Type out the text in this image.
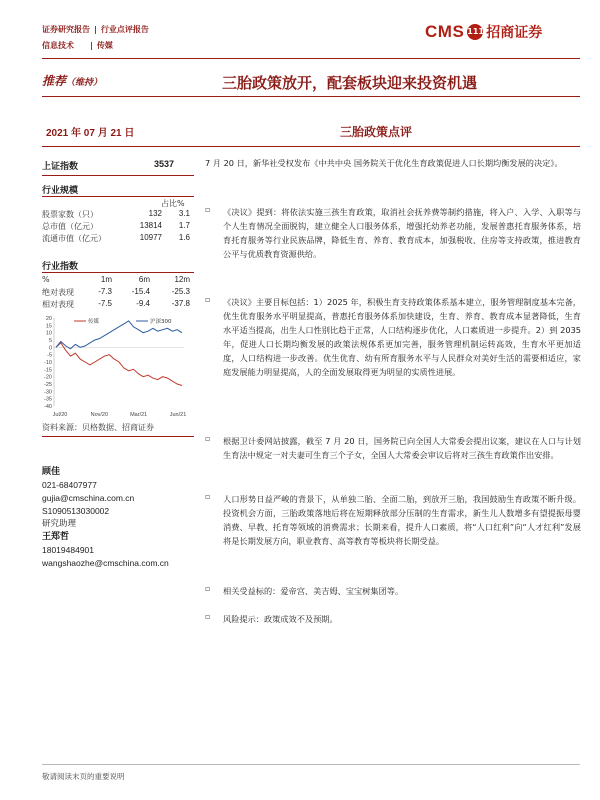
证券研究报告 | 行业点评报告
信息技术 | 传媒
CMS 111 招商证券
推荐（维持）	三胎政策放开，配套板块迎来投资机遇
2021 年 07 月 21 日	三胎政策点评
上证指数	3537
行业规模
占比%
股票家数（只）	132	3.1
总市值（亿元）	13814	1.7
流通市值（亿元）	10977	1.6
行业指数
%	1m	6m	12m
绝对表现	-7.3	-15.4	-25.3
相对表现	-7.5	-9.4	-37.8
20
15
10
5
0
-5
-10
-15
-20
-25
-30
-35
-40
Jul/20	Nov/20	Mar/21	Jun/21
传媒	沪深300
资料来源：贝格数据、招商证券
顾佳
021-68407977
gujia@cmschina.com.cn
S1090513030002
研究助理
王郑哲
18019484901
wangshaozhe@cmschina.com.cn
7 月 20 日，新华社受权发布《中共中央 国务院关于优化生育政策促进人口长期均衡发展的决定》。
▫	《决议》提到：将依法实施三孩生育政策，取消社会抚养费等制约措施，将入户、入学、入职等与个人生育情况全面脱钩，建立健全人口服务体系，增强托幼养老功能，发展普惠托育服务体系，培育托育服务等行业民族品牌，降低生育、养育、教育成本，加强税收、住房等支持政策，推进教育公平与优质教育资源供给。
▫	《决议》主要目标包括：1）2025 年，积极生育支持政策体系基本建立，服务管理制度基本完备，优生优育服务水平明显提高，普惠托育服务体系加快建设，生育、养育、教育成本显著降低，生育水平适当提高，出生人口性别比趋于正常，人口结构逐步优化，人口素质进一步提升。2）到 2035 年，促进人口长期均衡发展的政策法规体系更加完善，服务管理机制运转高效，生育水平更加适度，人口结构进一步改善。优生优育、幼有所育服务水平与人民群众对美好生活的需要相适应，家庭发展能力明显提高，人的全面发展取得更为明显的实质性进展。
▫	根据卫计委网站披露，截至 7 月 20 日，国务院已向全国人大常委会提出议案，建议在人口与计划生育法中规定一对夫妻可生育三个子女，全国人大常委会审议后将对三孩生育政策作出安排。
▫	人口形势日益严峻的背景下，从单独二胎、全面二胎，到放开三胎，我国鼓励生育政策不断升级。投资机会方面，三胎政策落地后将在短期释放部分压制的生育需求，新生儿人数增多有望提振母婴消费、早教、托育等领域的消费需求；长期来看，提升人口素质，将“人口红利”向“人才红利”发展将是长期发展方向，职业教育、高等教育等板块将长期受益。
▫	相关受益标的：爱帝宫、美吉姆、宝宝树集团等。
▫	风险提示：政策成效不及预期。
敬请阅读末页的重要说明
